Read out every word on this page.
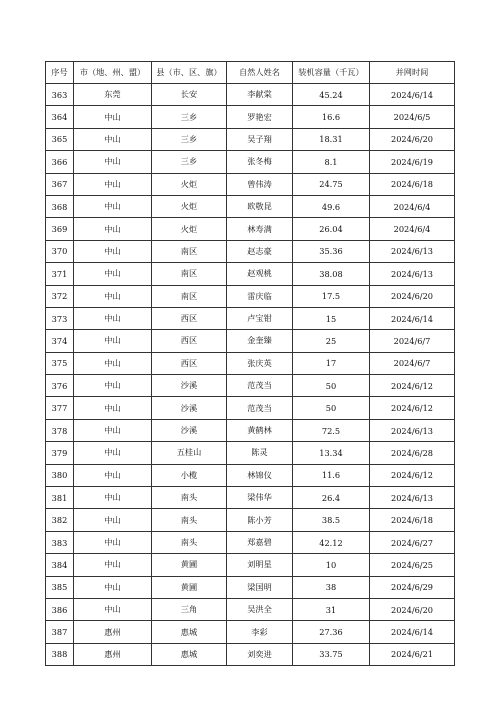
序号	市（地、州、盟）	县（市、区、旗）	自然人姓名	装机容量（千瓦）	并网时间
363	东莞	长安	李献棠	45.24	2024/6/14
364	中山	三乡	罗艳宏	16.6	2024/6/5
365	中山	三乡	吴子翔	18.31	2024/6/20
366	中山	三乡	张冬梅	8.1	2024/6/19
367	中山	火炬	曾伟涛	24.75	2024/6/18
368	中山	火炬	欧敬昆	49.6	2024/6/4
369	中山	火炬	林寿满	26.04	2024/6/4
370	中山	南区	赵志豪	35.36	2024/6/13
371	中山	南区	赵观桃	38.08	2024/6/13
372	中山	南区	雷庆临	17.5	2024/6/20
373	中山	西区	卢宝钳	15	2024/6/14
374	中山	西区	金奎臻	25	2024/6/7
375	中山	西区	张庆英	17	2024/6/7
376	中山	沙溪	范茂当	50	2024/6/12
377	中山	沙溪	范茂当	50	2024/6/12
378	中山	沙溪	黄鹤林	72.5	2024/6/13
379	中山	五桂山	陈灵	13.34	2024/6/28
380	中山	小榄	林锦仪	11.6	2024/6/12
381	中山	南头	梁伟华	26.4	2024/6/13
382	中山	南头	陈小芳	38.5	2024/6/18
383	中山	南头	郑嘉碧	42.12	2024/6/27
384	中山	黄圃	刘明星	10	2024/6/25
385	中山	黄圃	梁国明	38	2024/6/29
386	中山	三角	吴洪全	31	2024/6/20
387	惠州	惠城	李彩	27.36	2024/6/14
388	惠州	惠城	刘奕进	33.75	2024/6/21
